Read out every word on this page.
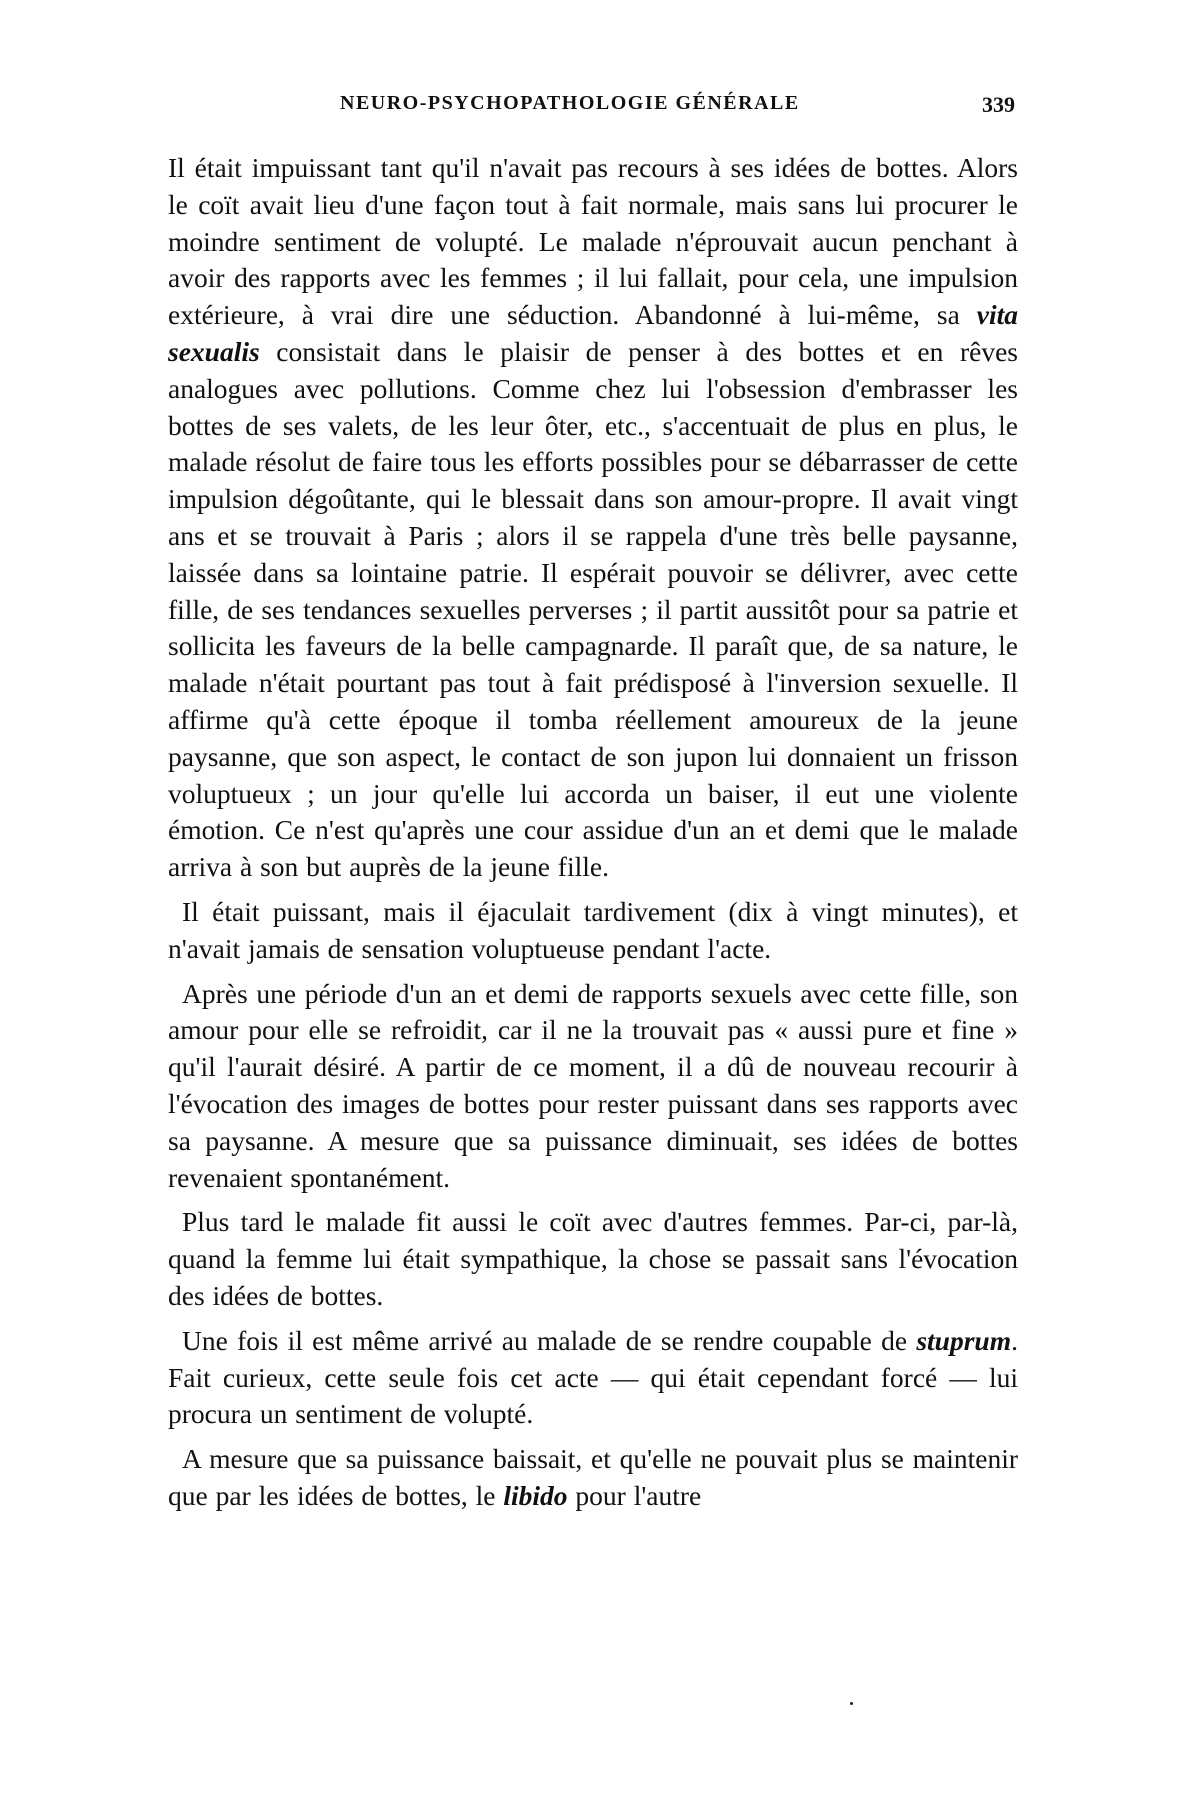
NEURO-PSYCHOPATHOLOGIE GÉNÉRALE	339

Il était impuissant tant qu'il n'avait pas recours à ses idées de bottes. Alors le coït avait lieu d'une façon tout à fait normale, mais sans lui procurer le moindre sentiment de volupté. Le malade n'éprouvait aucun penchant à avoir des rapports avec les femmes ; il lui fallait, pour cela, une impulsion extérieure, à vrai dire une séduction. Abandonné à lui-même, sa vita sexualis consistait dans le plaisir de penser à des bottes et en rêves analogues avec pollutions. Comme chez lui l'obsession d'embrasser les bottes de ses valets, de les leur ôter, etc., s'accentuait de plus en plus, le malade résolut de faire tous les efforts possibles pour se débarrasser de cette impulsion dégoûtante, qui le blessait dans son amour-propre. Il avait vingt ans et se trouvait à Paris ; alors il se rappela d'une très belle paysanne, laissée dans sa lointaine patrie. Il espérait pouvoir se délivrer, avec cette fille, de ses tendances sexuelles perverses ; il partit aussitôt pour sa patrie et sollicita les faveurs de la belle campagnarde. Il paraît que, de sa nature, le malade n'était pourtant pas tout à fait prédisposé à l'inversion sexuelle. Il affirme qu'à cette époque il tomba réellement amoureux de la jeune paysanne, que son aspect, le contact de son jupon lui donnaient un frisson voluptueux ; un jour qu'elle lui accorda un baiser, il eut une violente émotion. Ce n'est qu'après une cour assidue d'un an et demi que le malade arriva à son but auprès de la jeune fille.

Il était puissant, mais il éjaculait tardivement (dix à vingt minutes), et n'avait jamais de sensation voluptueuse pendant l'acte.

Après une période d'un an et demi de rapports sexuels avec cette fille, son amour pour elle se refroidit, car il ne la trouvait pas « aussi pure et fine » qu'il l'aurait désiré. A partir de ce moment, il a dû de nouveau recourir à l'évocation des images de bottes pour rester puissant dans ses rapports avec sa paysanne. A mesure que sa puissance diminuait, ses idées de bottes revenaient spontanément.

Plus tard le malade fit aussi le coït avec d'autres femmes. Par-ci, par-là, quand la femme lui était sympathique, la chose se passait sans l'évocation des idées de bottes.

Une fois il est même arrivé au malade de se rendre coupable de stuprum. Fait curieux, cette seule fois cet acte — qui était cependant forcé — lui procura un sentiment de volupté.

A mesure que sa puissance baissait, et qu'elle ne pouvait plus se maintenir que par les idées de bottes, le libido pour l'autre
